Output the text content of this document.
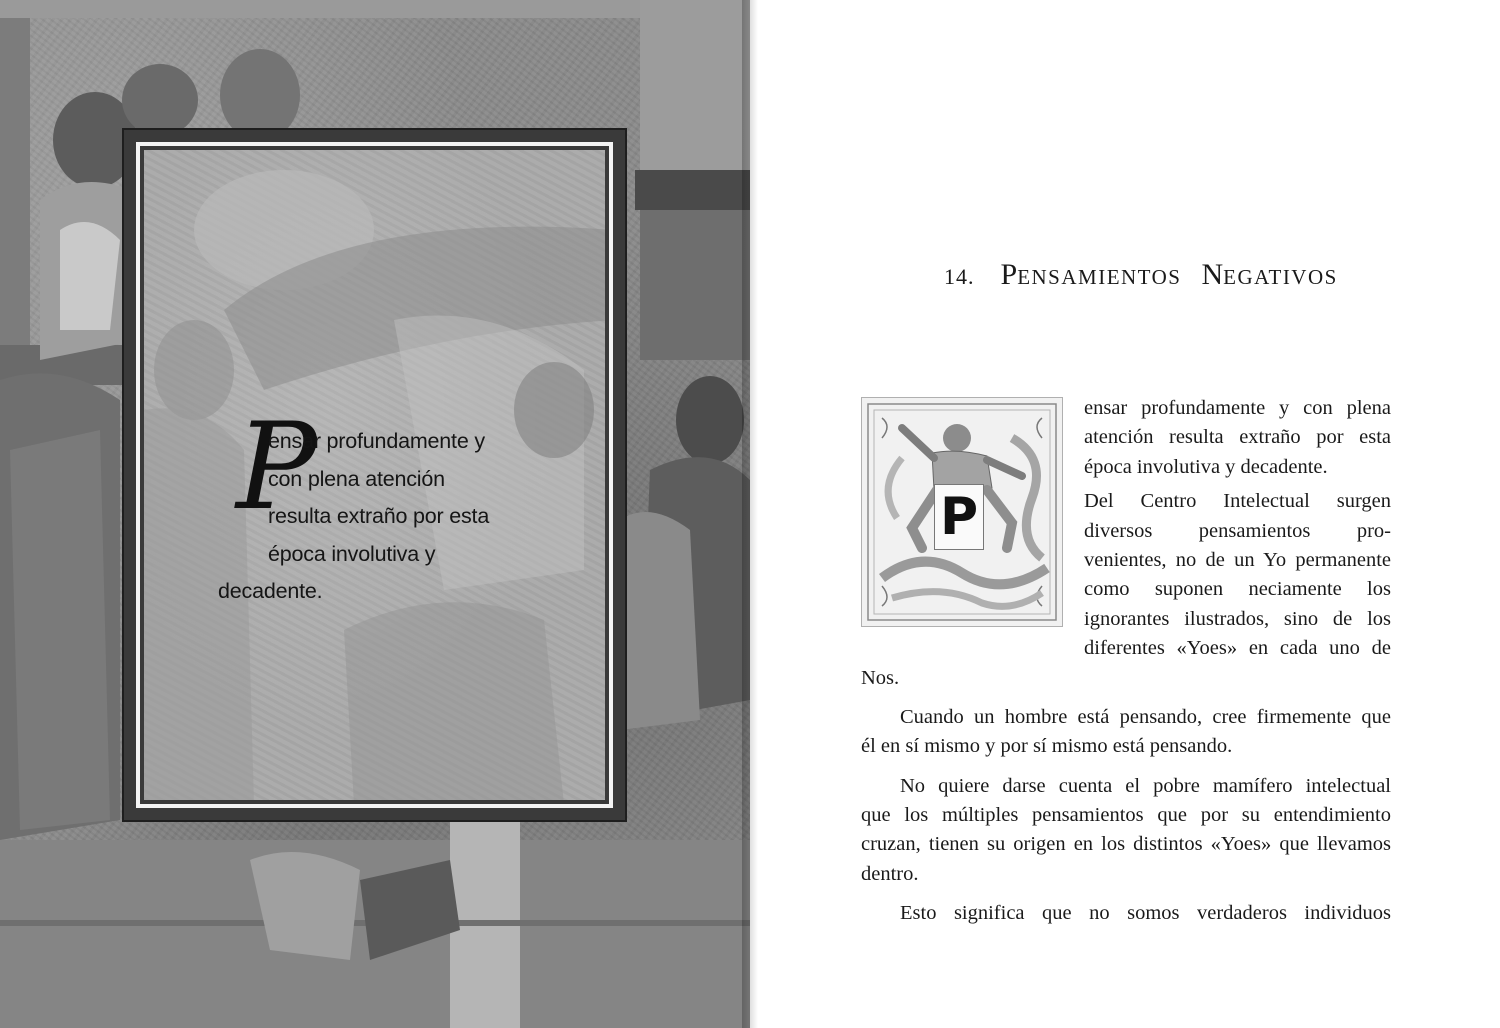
P
ensar profundamente y
con plena atención
resulta extraño por esta
época involutiva y
decadente.
14. PENSAMIENTOS NEGATIVOS
P
ensar profundamente y con plena
atención resulta extraño por esta
época involutiva y decadente.
Del Centro Intelectual surgen
diversos pensamientos pro-
venientes, no de un Yo permanente
como suponen neciamente los
ignorantes ilustrados, sino de los
diferentes «Yoes» en cada uno de
Nos.
Cuando un hombre está pensando, cree firmemente que
él en sí mismo y por sí mismo está pensando.
No quiere darse cuenta el pobre mamífero intelectual
que los múltiples pensamientos que por su entendimiento
cruzan, tienen su origen en los distintos «Yoes» que llevamos
dentro.
Esto significa que no somos verdaderos individuos
